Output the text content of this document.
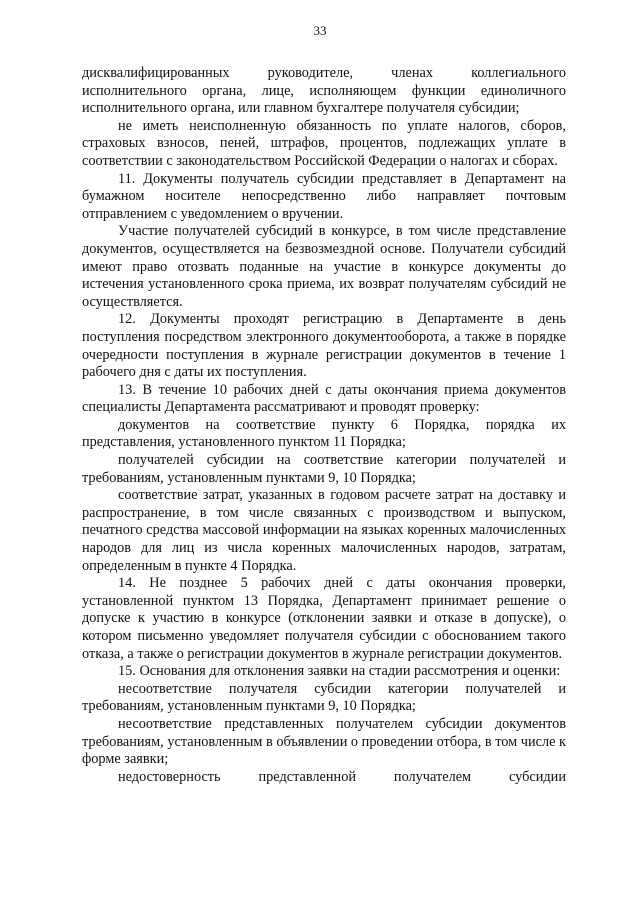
33

дисквалифицированных руководителе, членах коллегиального исполнительного органа, лице, исполняющем функции единоличного исполнительного органа, или главном бухгалтере получателя субсидии;

не иметь неисполненную обязанность по уплате налогов, сборов, страховых взносов, пеней, штрафов, процентов, подлежащих уплате в соответствии с законодательством Российской Федерации о налогах и сборах.

11. Документы получатель субсидии представляет в Департамент на бумажном носителе непосредственно либо направляет почтовым отправлением с уведомлением о вручении.

Участие получателей субсидий в конкурсе, в том числе представление документов, осуществляется на безвозмездной основе. Получатели субсидий имеют право отозвать поданные на участие в конкурсе документы до истечения установленного срока приема, их возврат получателям субсидий не осуществляется.

12. Документы проходят регистрацию в Департаменте в день поступления посредством электронного документооборота, а также в порядке очередности поступления в журнале регистрации документов в течение 1 рабочего дня с даты их поступления.

13. В течение 10 рабочих дней с даты окончания приема документов специалисты Департамента рассматривают и проводят проверку:

документов на соответствие пункту 6 Порядка, порядка их представления, установленного пунктом 11 Порядка;

получателей субсидии на соответствие категории получателей и требованиям, установленным пунктами 9, 10 Порядка;

соответствие затрат, указанных в годовом расчете затрат на доставку и распространение, в том числе связанных с производством и выпуском, печатного средства массовой информации на языках коренных малочисленных народов для лиц из числа коренных малочисленных народов, затратам, определенным в пункте 4 Порядка.

14. Не позднее 5 рабочих дней с даты окончания проверки, установленной пунктом 13 Порядка, Департамент принимает решение о допуске к участию в конкурсе (отклонении заявки и отказе в допуске), о котором письменно уведомляет получателя субсидии с обоснованием такого отказа, а также о регистрации документов в журнале регистрации документов.

15. Основания для отклонения заявки на стадии рассмотрения и оценки:

несоответствие получателя субсидии категории получателей и требованиям, установленным пунктами 9, 10 Порядка;

несоответствие представленных получателем субсидии документов требованиям, установленным в объявлении о проведении отбора, в том числе к форме заявки;

недостоверность представленной получателем субсидии
